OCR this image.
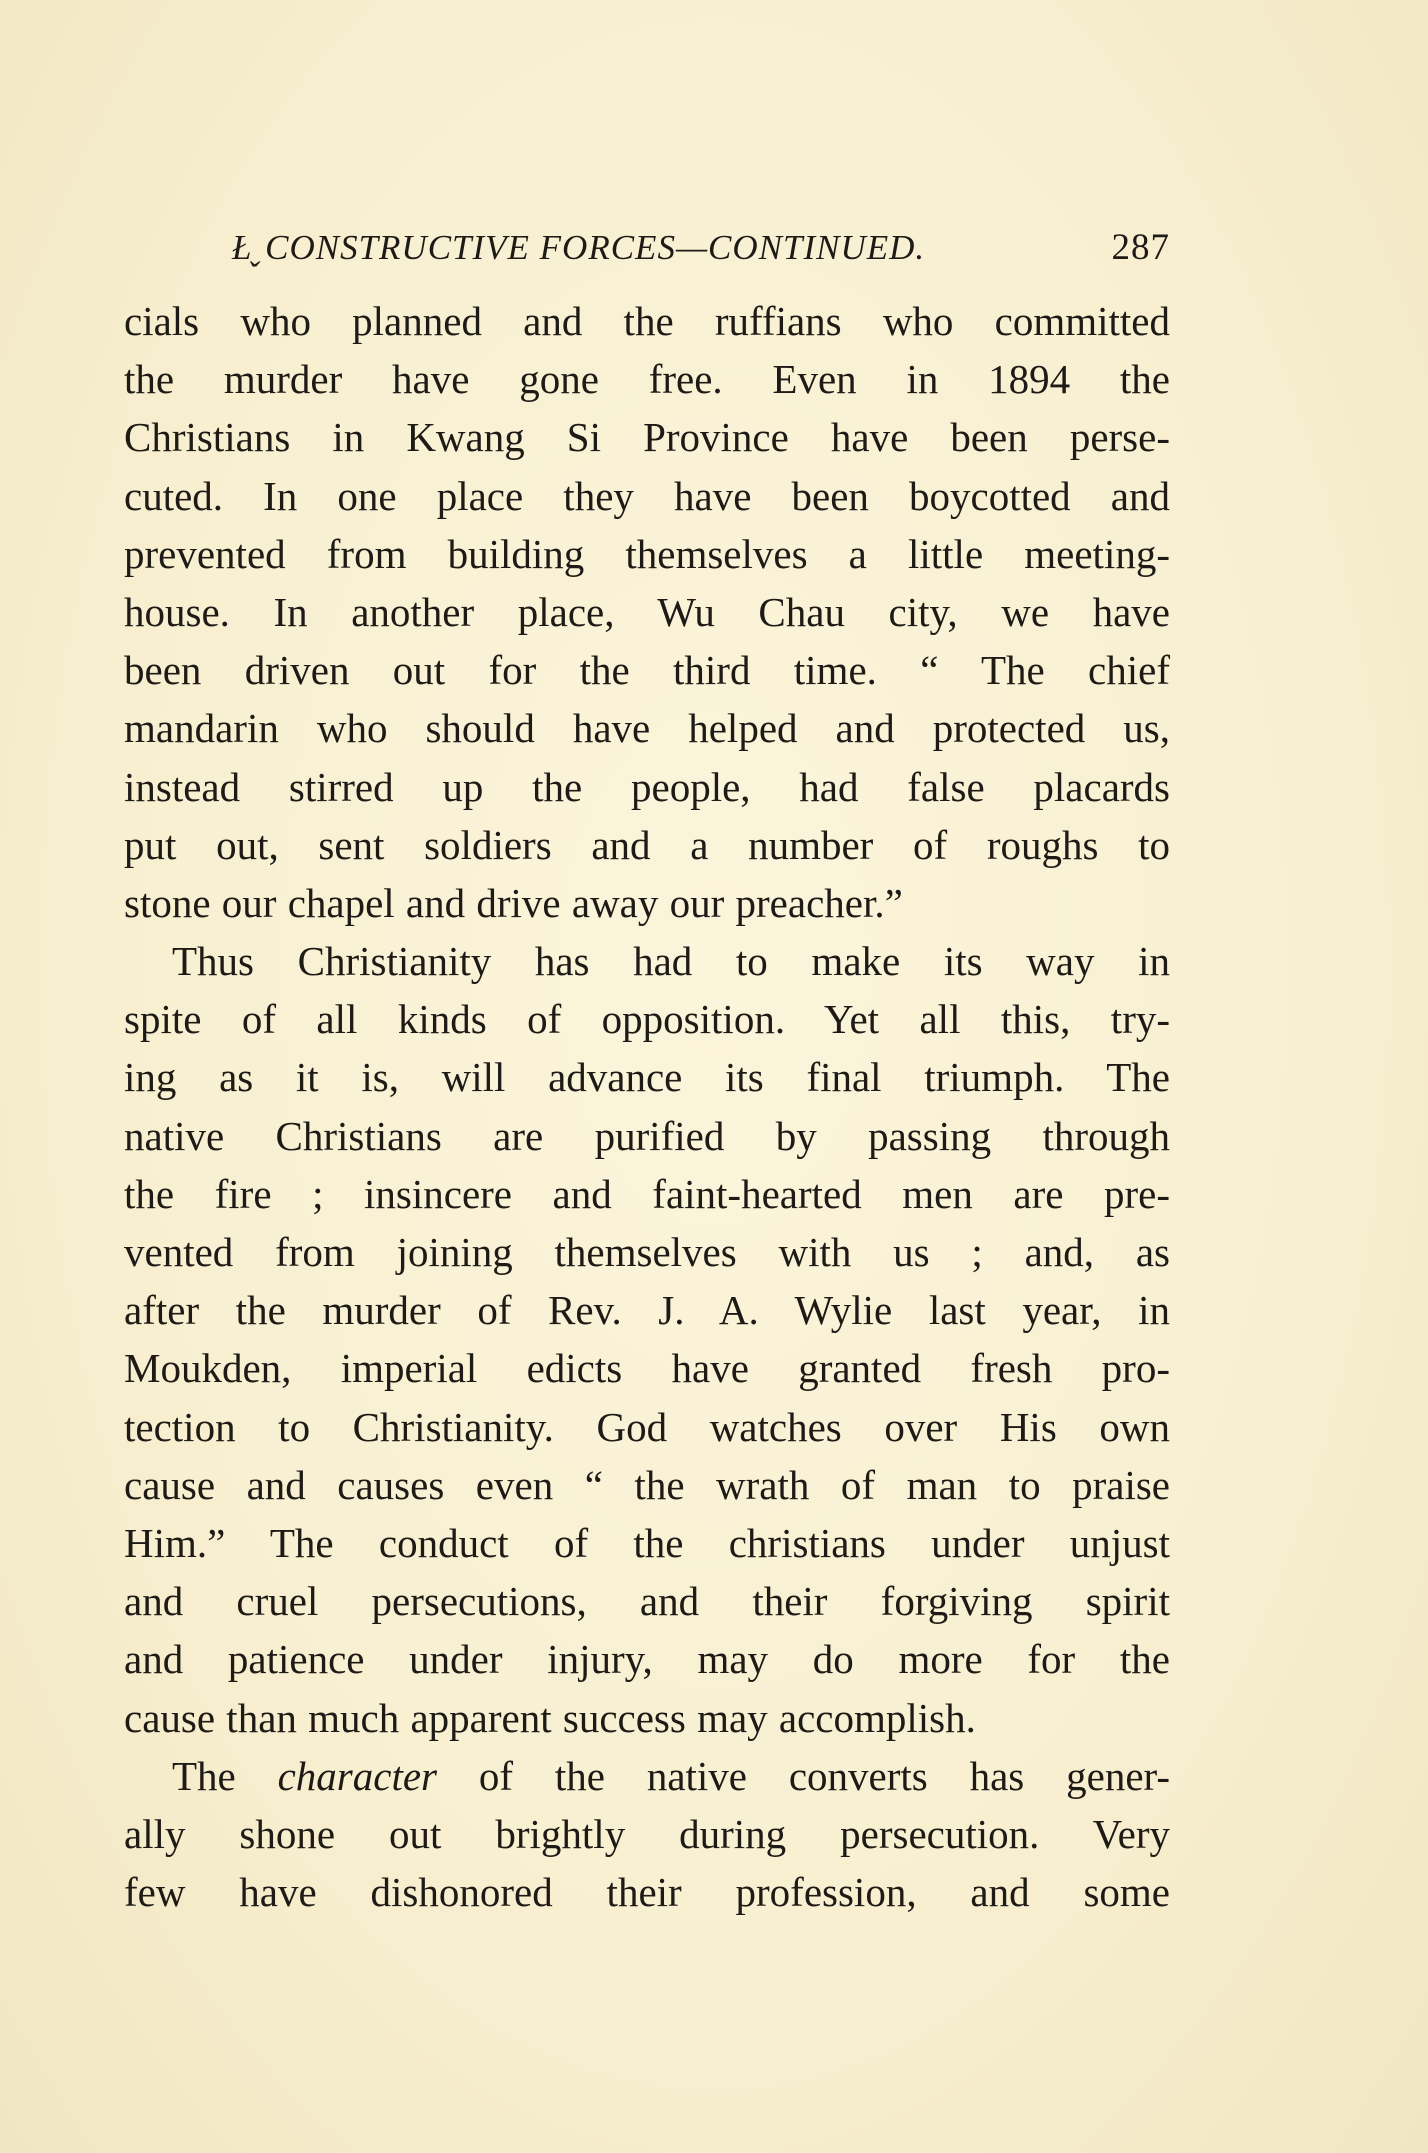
ŁˬCONSTRUCTIVE FORCES—CONTINUED.	287
cials who planned and the ruffians who committed
the murder have gone free. Even in 1894 the
Christians in Kwang Si Province have been perse-
cuted. In one place they have been boycotted and
prevented from building themselves a little meeting-
house. In another place, Wu Chau city, we have
been driven out for the third time. “ The chief
mandarin who should have helped and protected us,
instead stirred up the people, had false placards
put out, sent soldiers and a number of roughs to
stone our chapel and drive away our preacher.”
Thus Christianity has had to make its way in
spite of all kinds of opposition. Yet all this, try-
ing as it is, will advance its final triumph. The
native Christians are purified by passing through
the fire ; insincere and faint-hearted men are pre-
vented from joining themselves with us ; and, as
after the murder of Rev. J. A. Wylie last year, in
Moukden, imperial edicts have granted fresh pro-
tection to Christianity. God watches over His own
cause and causes even “ the wrath of man to praise
Him.” The conduct of the christians under unjust
and cruel persecutions, and their forgiving spirit
and patience under injury, may do more for the
cause than much apparent success may accomplish.
The character of the native converts has gener-
ally shone out brightly during persecution. Very
few have dishonored their profession, and some
